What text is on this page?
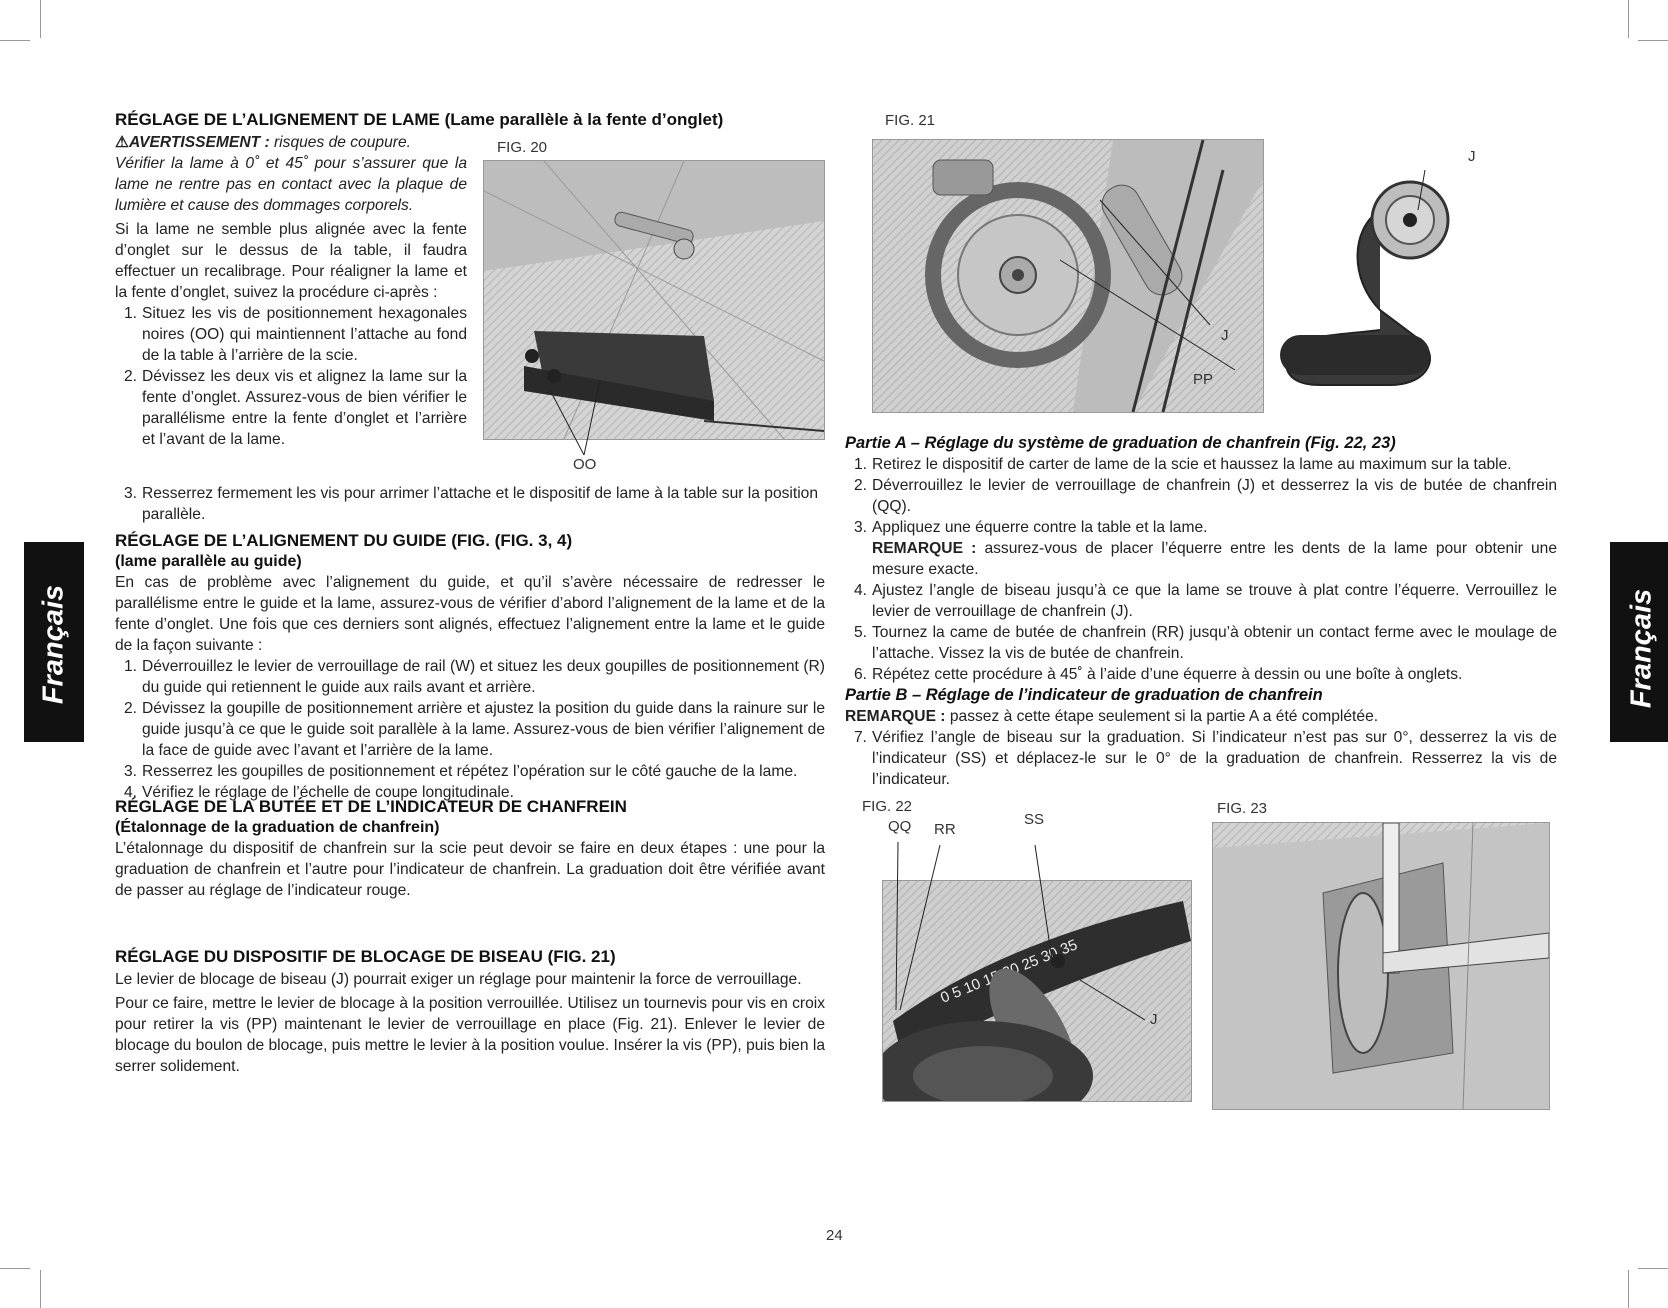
Français	Français
RÉGLAGE DE L’ALIGNEMENT DE LAME (Lame parallèle à la fente d’onglet)

⚠AVERTISSEMENT : risques de coupure.

Vérifier la lame à 0˚ et 45˚ pour s’assurer que la lame ne rentre pas en contact avec la plaque de lumière et cause des dommages corporels.

Si la lame ne semble plus alignée avec la fente d’onglet sur le dessus de la table, il faudra effectuer un recalibrage. Pour réaligner la lame et la fente d’onglet, suivez la procédure ci-après :

1. Situez les vis de positionnement hexagonales noires (OO) qui maintiennent l’attache au fond de la table à l’arrière de la scie.
2. Dévissez les deux vis et alignez la lame sur la fente d’onglet. Assurez-vous de bien vérifier le parallélisme entre la fente d’onglet et l’arrière et l’avant de la lame.
3. Resserrez fermement les vis pour arrimer l’attache et le dispositif de lame à la table sur la position parallèle.
FIG. 20
OO
RÉGLAGE DE L’ALIGNEMENT DU GUIDE (FIG. (FIG. 3, 4)
(lame parallèle au guide)

En cas de problème avec l’alignement du guide, et qu’il s’avère nécessaire de redresser le parallélisme entre le guide et la lame, assurez-vous de vérifier d’abord l’alignement de la lame et de la fente d’onglet. Une fois que ces derniers sont alignés, effectuez l’alignement entre la lame et le guide de la façon suivante :

1. Déverrouillez le levier de verrouillage de rail (W) et situez les deux goupilles de positionnement (R) du guide qui retiennent le guide aux rails avant et arrière.
2. Dévissez la goupille de positionnement arrière et ajustez la position du guide dans la rainure sur le guide jusqu’à ce que le guide soit parallèle à la lame. Assurez-vous de bien vérifier l’alignement de la face de guide avec l’avant et l’arrière de la lame.
3. Resserrez les goupilles de positionnement et répétez l’opération sur le côté gauche de la lame.
4. Vérifiez le réglage de l’échelle de coupe longitudinale.
RÉGLAGE DE LA BUTÉE ET DE L’INDICATEUR DE CHANFREIN
(Étalonnage de la graduation de chanfrein)

L’étalonnage du dispositif de chanfrein sur la scie peut devoir se faire en deux étapes : une pour la graduation de chanfrein et l’autre pour l’indicateur de chanfrein. La graduation doit être vérifiée avant de passer au réglage de l’indicateur rouge.

RÉGLAGE DU DISPOSITIF DE BLOCAGE DE BISEAU (FIG. 21)

Le levier de blocage de biseau (J) pourrait exiger un réglage pour maintenir la force de verrouillage.

Pour ce faire, mettre le levier de blocage à la position verrouillée. Utilisez un tournevis pour vis en croix pour retirer la vis (PP) maintenant le levier de verrouillage en place (Fig. 21). Enlever le levier de blocage du boulon de blocage, puis mettre le levier à la position voulue. Insérer la vis (PP), puis bien la serrer solidement.

FIG. 21
J
J
PP
Partie A – Réglage du système de graduation de chanfrein (Fig. 22, 23)
1. Retirez le dispositif de carter de lame de la scie et haussez la lame au maximum sur la table.
2. Déverrouillez le levier de verrouillage de chanfrein (J) et desserrez la vis de butée de chanfrein (QQ).
3. Appliquez une équerre contre la table et la lame.

REMARQUE : assurez-vous de placer l’équerre entre les dents de la lame pour obtenir une mesure exacte.

4. Ajustez l’angle de biseau jusqu’à ce que la lame se trouve à plat contre l’équerre. Verrouillez le levier de verrouillage de chanfrein (J).
5. Tournez la came de butée de chanfrein (RR) jusqu’à obtenir un contact ferme avec le moulage de l’attache. Vissez la vis de butée de chanfrein.
6. Répétez cette procédure à 45˚ à l’aide d’une équerre à dessin ou une boîte à onglets.
Partie B – Réglage de l’indicateur de graduation de chanfrein

REMARQUE : passez à cette étape seulement si la partie A a été complétée.

7. Vérifiez l’angle de biseau sur la graduation. Si l’indicateur n’est pas sur 0°, desserrez la vis de l’indicateur (SS) et déplacez-le sur le 0° de la graduation de chanfrein. Resserrez la vis de l’indicateur.
FIG. 22
QQ RR
SS
0 5 10 25 30 35
J
FIG. 23
24
